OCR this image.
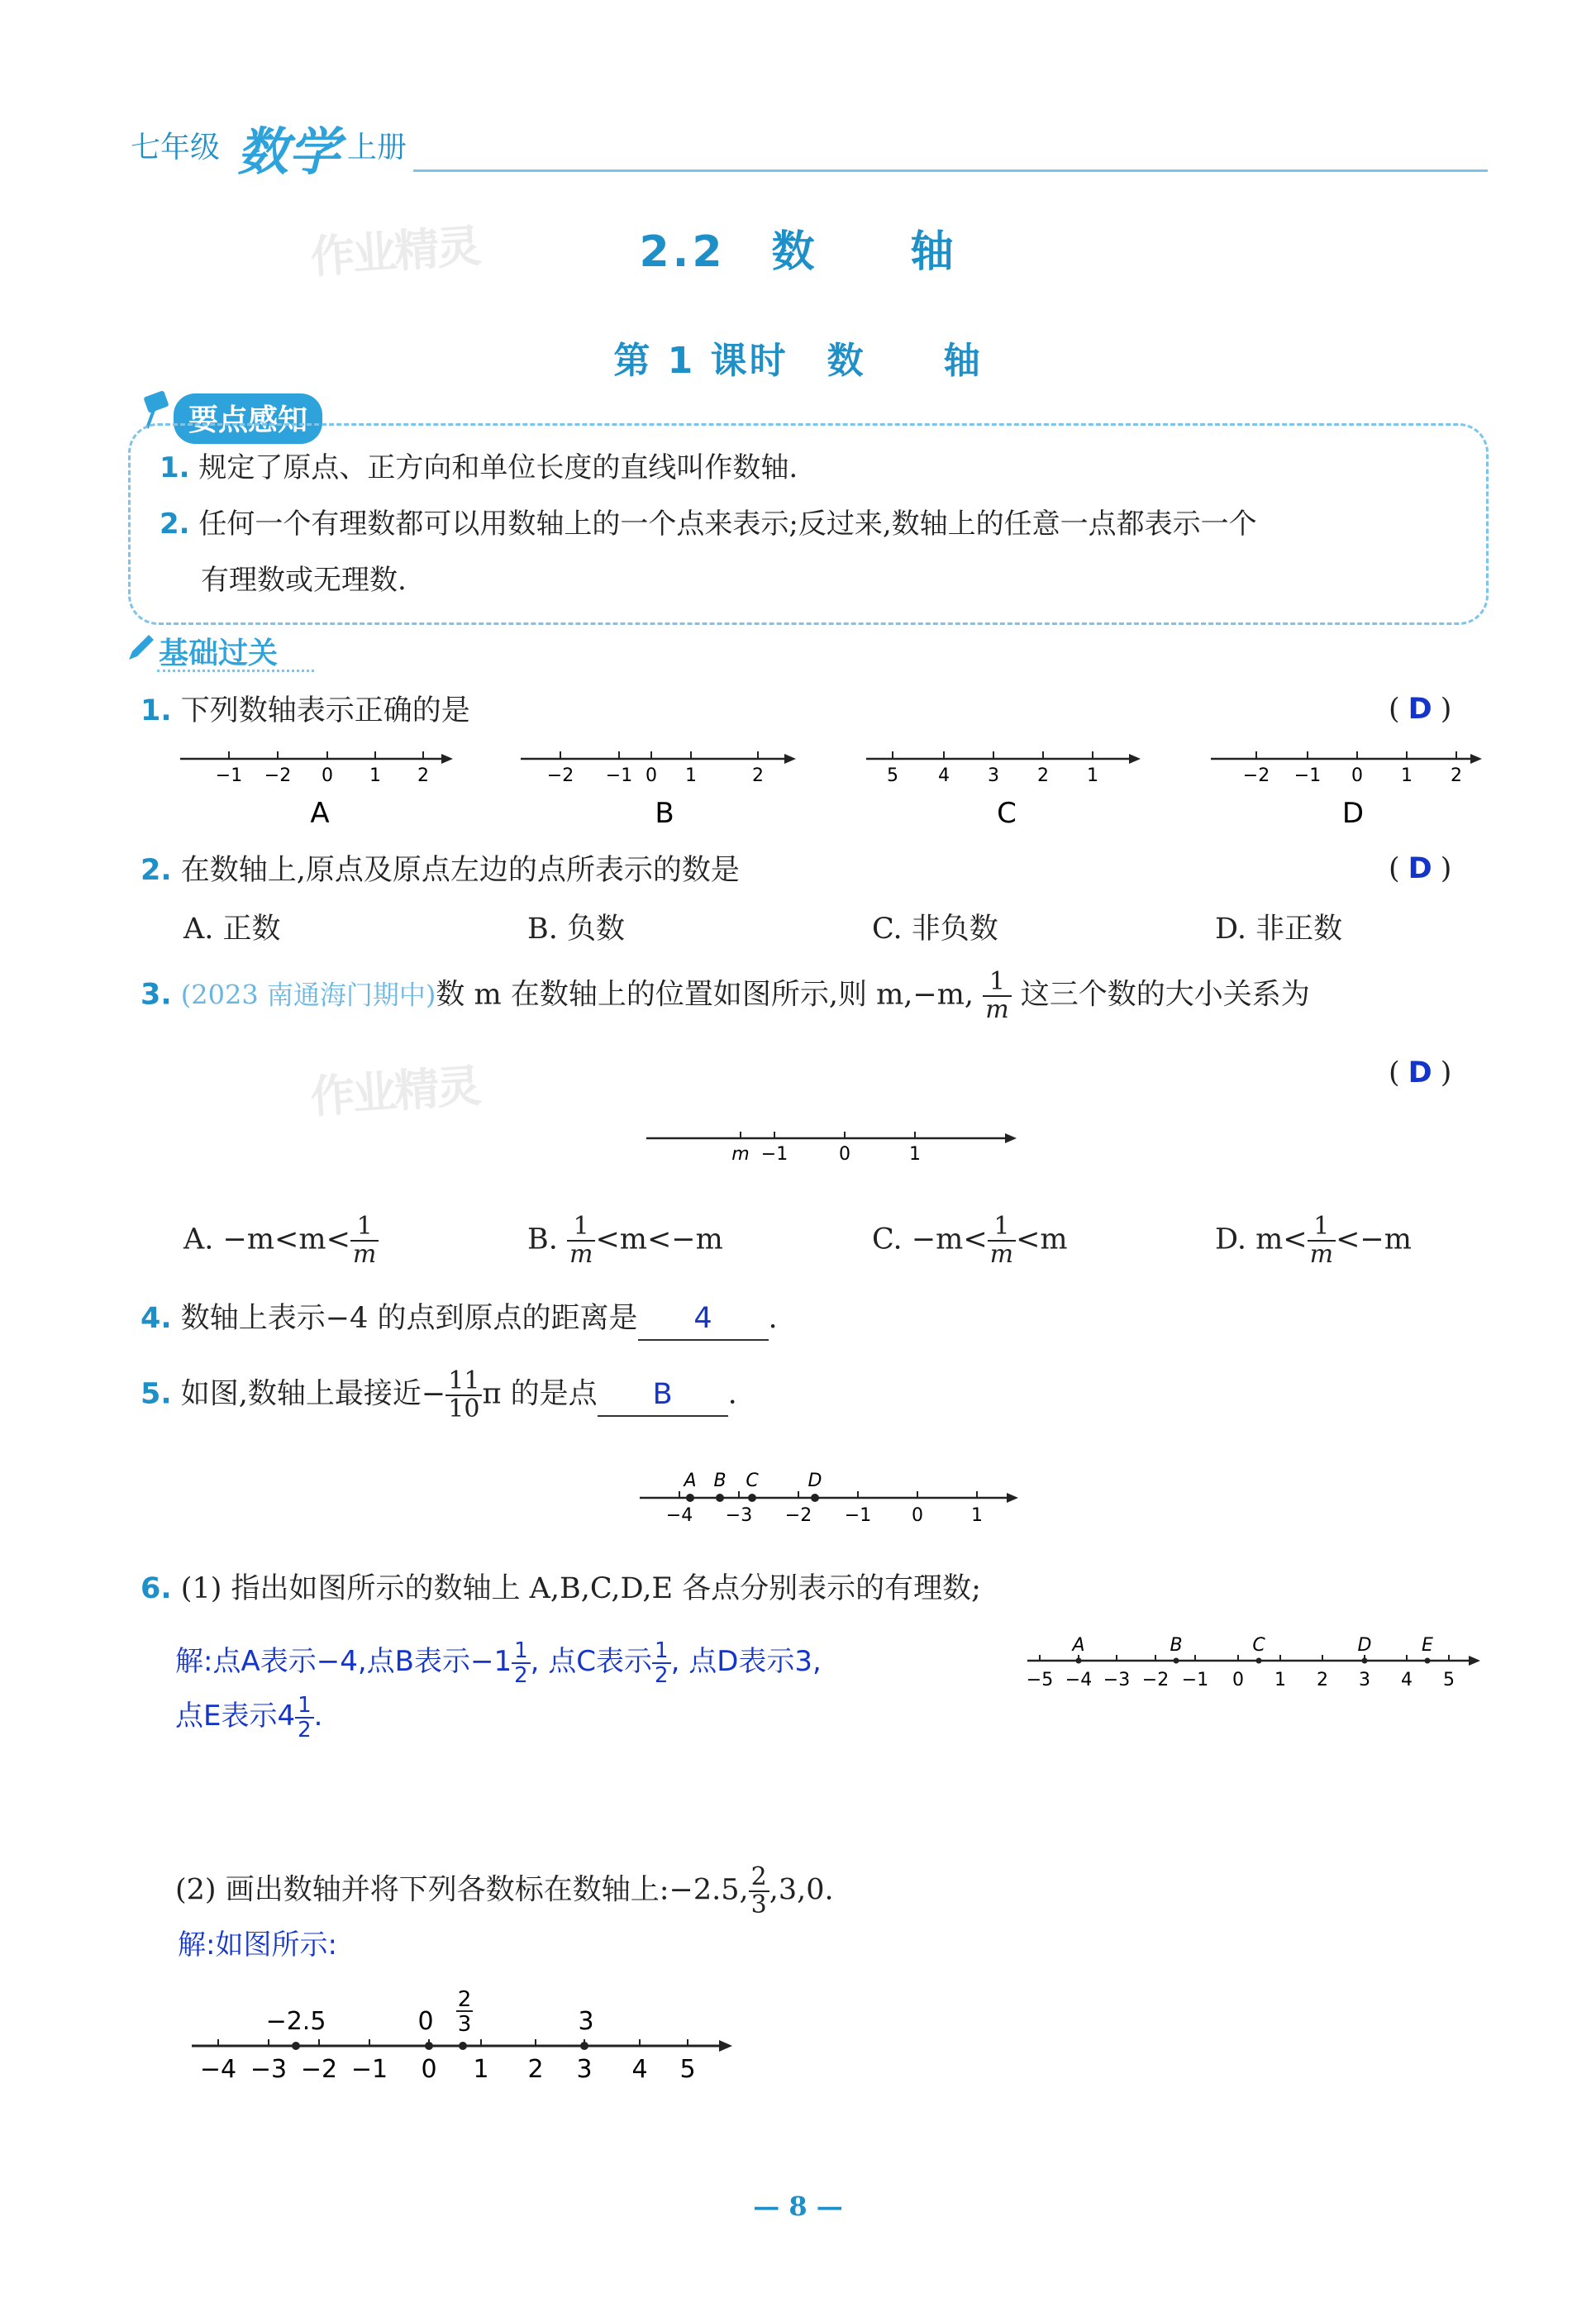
七年级 数学 上册
作业精灵
作业精灵
2.2　数　　轴
第 1 课时　数　　轴
要点感知
1. 规定了原点、正方向和单位长度的直线叫作数轴.
2. 任何一个有理数都可以用数轴上的一个点来表示;反过来,数轴上的任意一点都表示一个
有理数或无理数.
基础过关
1. 下列数轴表示正确的是	( D )
−1 −2 0 1 2
A
−2 −1 0 1	2
B
5 4 3 2 1
C
−2 −1 0 1 2
D
2. 在数轴上,原点及原点左边的点所表示的数是	( D )
A. 正数	B. 负数	C. 非负数	D. 非正数
3. (2023 南通海门期中)数 m 在数轴上的位置如图所示,则 m,−m, $\frac{1}{m}$ 这三个数的大小关系为
( D )
m −1	0	1
A. $-m<m< \frac{1}{m}$	B. $\frac{1}{m} <m<-m$	C. $-m< \frac{1}{m} <m$	D. $m< \frac{1}{m} <-m$
4. 数轴上表示−4 的点到原点的距离是 4 .
5. 如图,数轴上最接近− $\frac{11}{10}$ π 的是点 B .
A B C	D
−4 −3 −2 −1 0	1
6. (1) 指出如图所示的数轴上 A,B,C,D,E 各点分别表示的有理数;
解:点A表示−4,点B表示$-1 \frac{1}{2}$ , 点C表示 $\frac{1}{2}$ , 点D表示3,
点E表示$4 \frac{1}{2}$ .
A	B	C	D	E
−5 −4 −3 −2 −1 0 1 2 3 4 5
(2) 画出数轴并将下列各数标在数轴上:−2.5, $\frac{2}{3} ,3,0$.
解:如图所示:
−2.5	0
2
3	3
−4 −3 −2 −1 0 1 2 3 4 5
— 8 —
